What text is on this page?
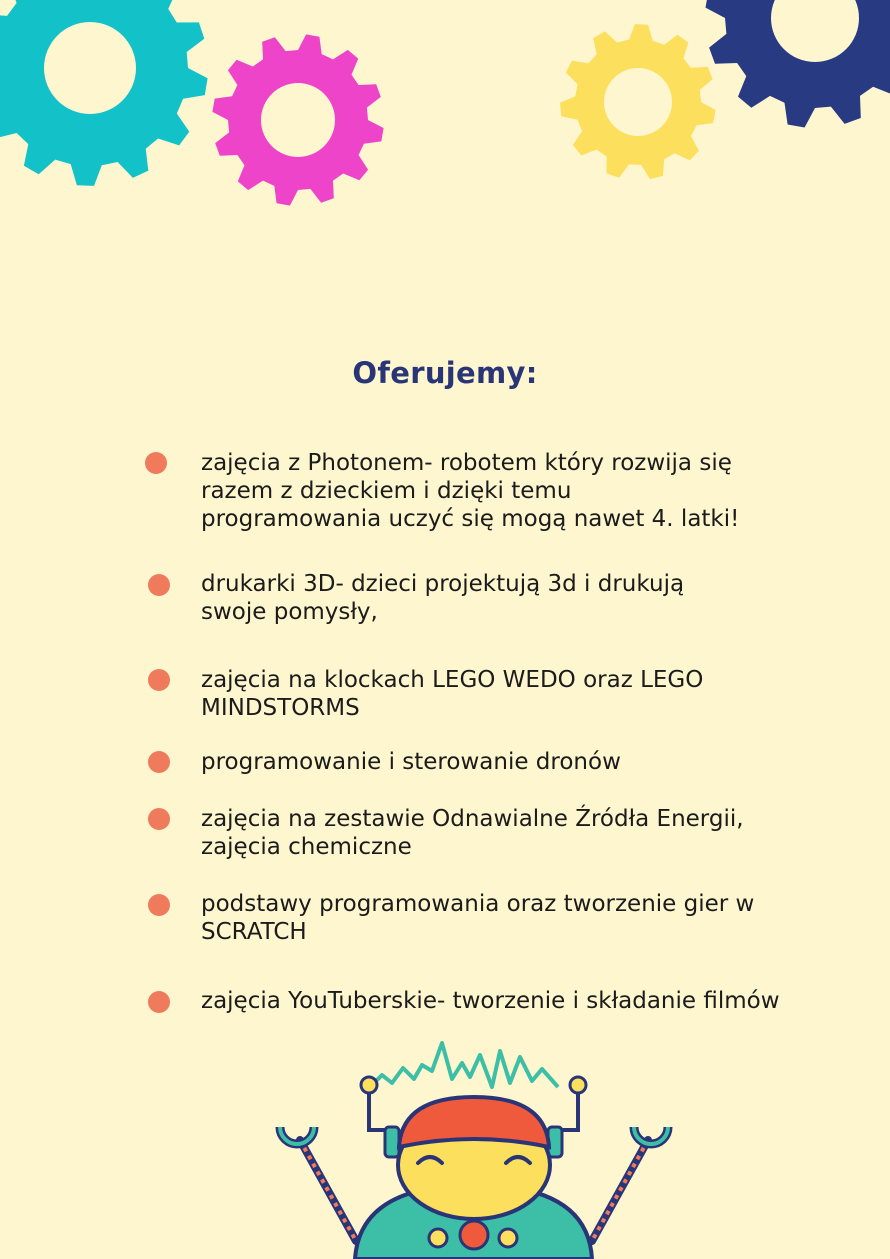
Oferujemy:
zajęcia z Photonem- robotem który rozwija się
razem z dzieckiem i dzięki temu
programowania uczyć się mogą nawet 4. latki!
drukarki 3D- dzieci projektują 3d i drukują
swoje pomysły,
zajęcia na klockach LEGO WEDO oraz LEGO
MINDSTORMS
programowanie i sterowanie dronów
zajęcia na zestawie Odnawialne Źródła Energii,
zajęcia chemiczne
podstawy programowania oraz tworzenie gier w
SCRATCH
zajęcia YouTuberskie- tworzenie i składanie filmów
